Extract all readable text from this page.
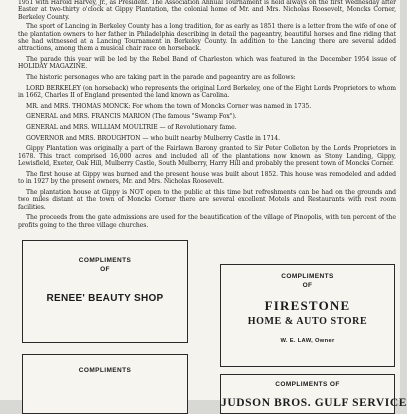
1951 with Harold Harvey, Jr., as President. The Association Annual Tournament is held always on the first Wednesday after Easter at two-thirty o'clock at Gippy Plantation, the colonial home of Mr. and Mrs. Nicholas Roosevelt, Moncks Corner, Berkeley County.

The sport of Lancing in Berkeley County has a long tradition, for as early as 1851 there is a letter from the wife of one of the plantation owners to her father in Philadelphia describing in detail the pageantry, beautiful horses and fine riding that she had witnessed at a Lancing Tournament in Berkeley County. In addition to the Lancing there are several added attractions, among them a musical chair race on horseback.

The parade this year will be led by the Rebel Band of Charleston which was featured in the December 1954 issue of HOLIDAY MAGAZINE.

The historic personages who are taking part in the parade and pageantry are as follows:

LORD BERKELEY (on horseback) who represents the original Lord Berkeley, one of the Eight Lords Proprietors to whom in 1662, Charles II of England presented the land known as Carolina.

MR. and MRS. THOMAS MONCK: For whom the town of Moncks Corner was named in 1735.
GENERAL and MRS. FRANCIS MARION (The famous "Swamp Fox").
GENERAL and MRS. WILLIAM MOULTRIE — of Revolutionary fame.
GOVERNOR and MRS. BROUGHTON — who built nearby Mulberry Castle in 1714.

Gippy Plantation was originally a part of the Fairlawn Barony granted to Sir Peter Colleton by the Lords Proprietors in 1678. This tract comprised 16,000 acres and included all of the plantations now known as Stony Landing, Gippy, Lewisfield, Exeter, Oak Hill, Mulberry Castle, South Mulberry, Harry Hill and probably the present town of Moncks Corner.

The first house at Gippy was burned and the present house was built about 1852. This house was remodeled and added to in 1927 by the present owners, Mr. and Mrs. Nicholas Roosevelt.

The plantation house at Gippy is NOT open to the public at this time but refreshments can be had on the grounds and two miles distant at the town of Moncks Corner there are several excellent Motels and Restaurants with rest room facilities.

The proceeds from the gate admissions are used for the beautification of the village of Pinopolis, with ten percent of the profits going to the three village churches.

COMPLIMENTS
OF
RENEE' BEAUTY SHOP
COMPLIMENTS
OF
FIRESTONE
HOME & AUTO STORE
W. E. LAW, Owner
COMPLIMENTS
COMPLIMENTS OF
JUDSON BROS. GULF SERVICE
